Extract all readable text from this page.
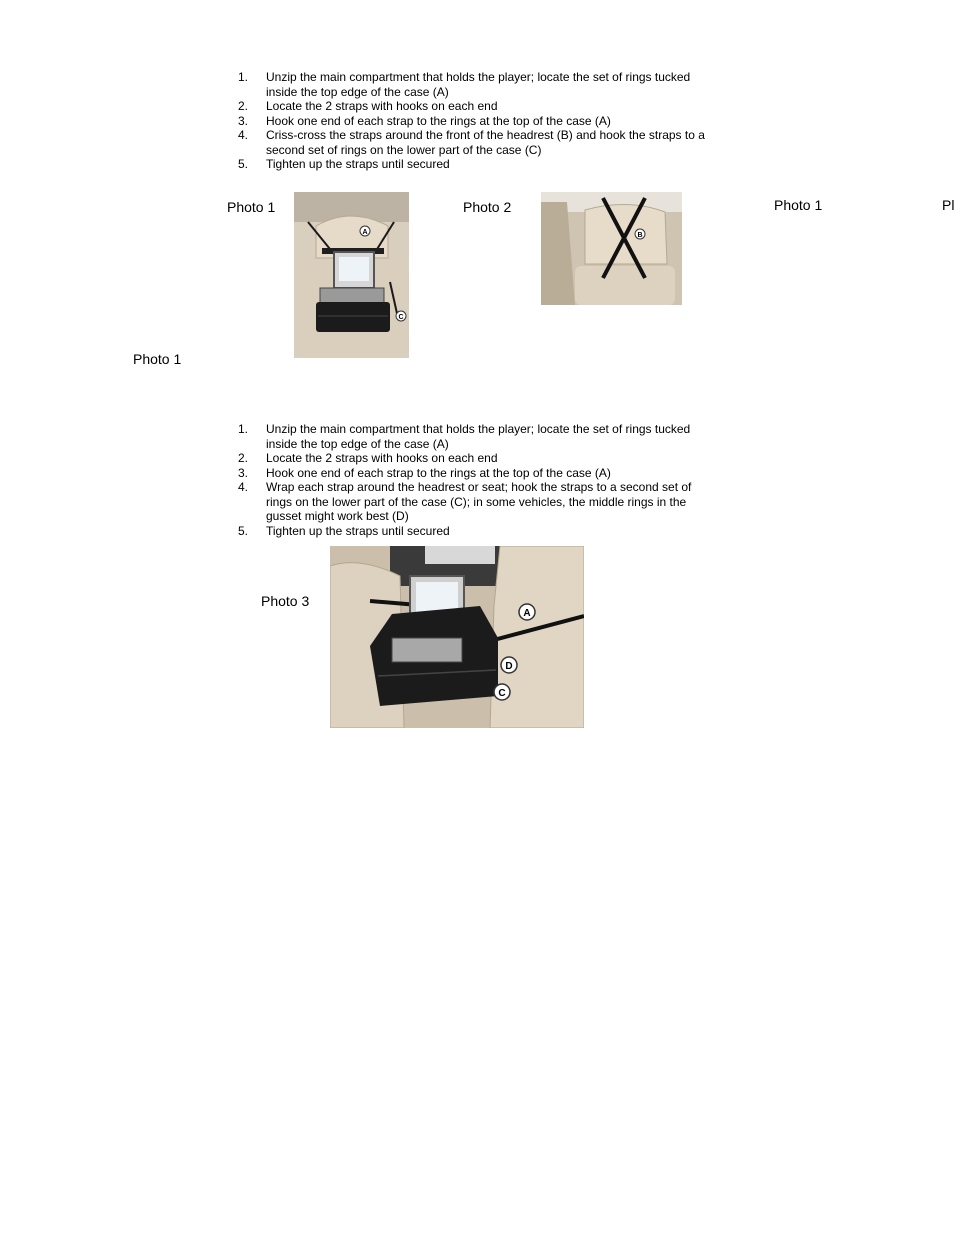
1. Unzip the main compartment that holds the player; locate the set of rings tucked inside the top edge of the case (A)
2. Locate the 2 straps with hooks on each end
3. Hook one end of each strap to the rings at the top of the case (A)
4. Criss-cross the straps around the front of the headrest (B) and hook the straps to a second set of rings on the lower part of the case (C)
5. Tighten up the straps until secured
Photo 1
A
C
Photo 2
B
Photo 1	Pl
Photo 1
1. Unzip the main compartment that holds the player; locate the set of rings tucked inside the top edge of the case (A)
2. Locate the 2 straps with hooks on each end
3. Hook one end of each strap to the rings at the top of the case (A)
4. Wrap each strap around the headrest or seat; hook the straps to a second set of rings on the lower part of the case (C); in some vehicles, the middle rings in the gusset might work best (D)
5. Tighten up the straps until secured
Photo 3
A
D
C
